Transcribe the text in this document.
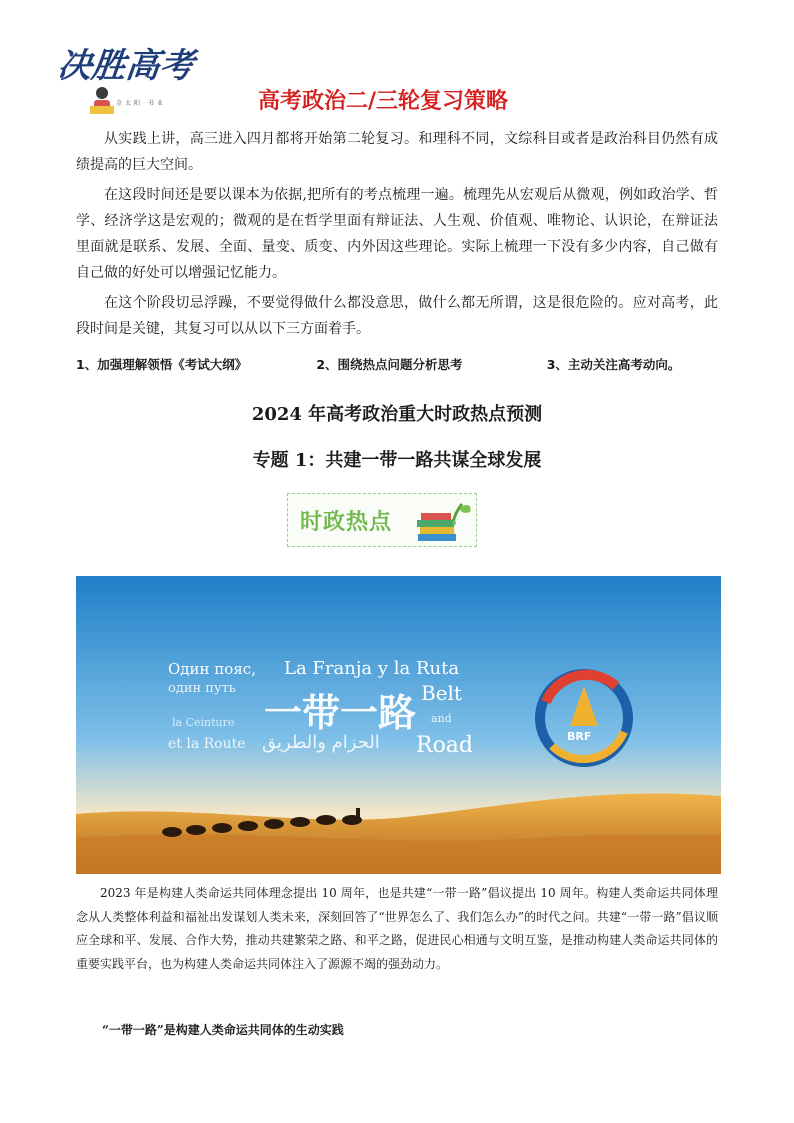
决胜高考
金太阳 书业	高考政治二/三轮复习策略

从实践上讲，高三进入四月都将开始第二轮复习。和理科不同，文综科目或者是政治科目仍然有成绩提高的巨大空间。

在这段时间还是要以课本为依据,把所有的考点梳理一遍。梳理先从宏观后从微观，例如政治学、哲学、经济学这是宏观的；微观的是在哲学里面有辩证法、人生观、价值观、唯物论、认识论，在辩证法里面就是联系、发展、全面、量变、质变、内外因这些理论。实际上梳理一下没有多少内容，自己做有自己做的好处可以增强记忆能力。

在这个阶段切忌浮躁，不要觉得做什么都没意思，做什么都无所谓，这是很危险的。应对高考，此段时间是关键，其复习可以从以下三方面着手。

1、加强理解领悟《考试大纲》	2、围绕热点问题分析思考	3、主动关注高考动向。
2024 年高考政治重大时政热点预测
专题 1：共建一带一路共谋全球发展
时政热点
Один пояс,
один путь
La Franja y la Ruta
一带一路 Belt
and
la Ceinture
et la Route الحزام والطريق Road	BRF

2023 年是构建人类命运共同体理念提出 10 周年，也是共建“一带一路”倡议提出 10 周年。构建人类命运共同体理念从人类整体利益和福祉出发谋划人类未来，深刻回答了“世界怎么了、我们怎么办”的时代之问。共建“一带一路”倡议顺应全球和平、发展、合作大势，推动共建繁荣之路、和平之路，促进民心相通与文明互鉴，是推动构建人类命运共同体的重要实践平台，也为构建人类命运共同体注入了源源不竭的强劲动力。

“一带一路”是构建人类命运共同体的生动实践
